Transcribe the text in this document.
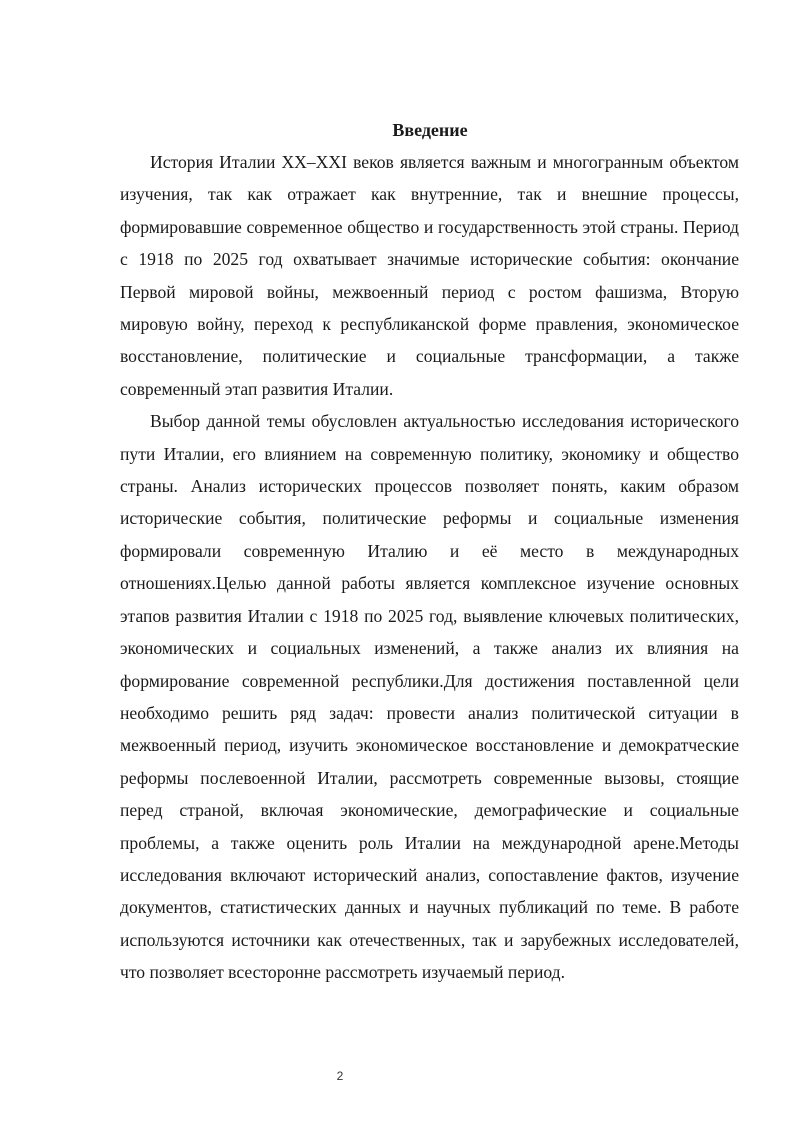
Введение

История Италии XX–XXI веков является важным и многогранным объектом изучения, так как отражает как внутренние, так и внешние процессы, формировавшие современное общество и государственность этой страны. Период с 1918 по 2025 год охватывает значимые исторические события: окончание Первой мировой войны, межвоенный период с ростом фашизма, Вторую мировую войну, переход к республиканской форме правления, экономическое восстановление, политические и социальные трансформации, а также современный этап развития Италии.

Выбор данной темы обусловлен актуальностью исследования исторического пути Италии, его влиянием на современную политику, экономику и общество страны. Анализ исторических процессов позволяет понять, каким образом исторические события, политические реформы и социальные изменения формировали современную Италию и её место в международных отношениях.Целью данной работы является комплексное изучение основных этапов развития Италии с 1918 по 2025 год, выявление ключевых политических, экономических и социальных изменений, а также анализ их влияния на формирование современной республики.Для достижения поставленной цели необходимо решить ряд задач: провести анализ политической ситуации в межвоенный период, изучить экономическое восстановление и демократческие реформы послевоенной Италии, рассмотреть современные вызовы, стоящие перед страной, включая экономические, демографические и социальные проблемы, а также оценить роль Италии на международной арене.Методы исследования включают исторический анализ, сопоставление фактов, изучение документов, статистических данных и научных публикаций по теме. В работе используются источники как отечественных, так и зарубежных исследователей, что позволяет всесторонне рассмотреть изучаемый период.

2
